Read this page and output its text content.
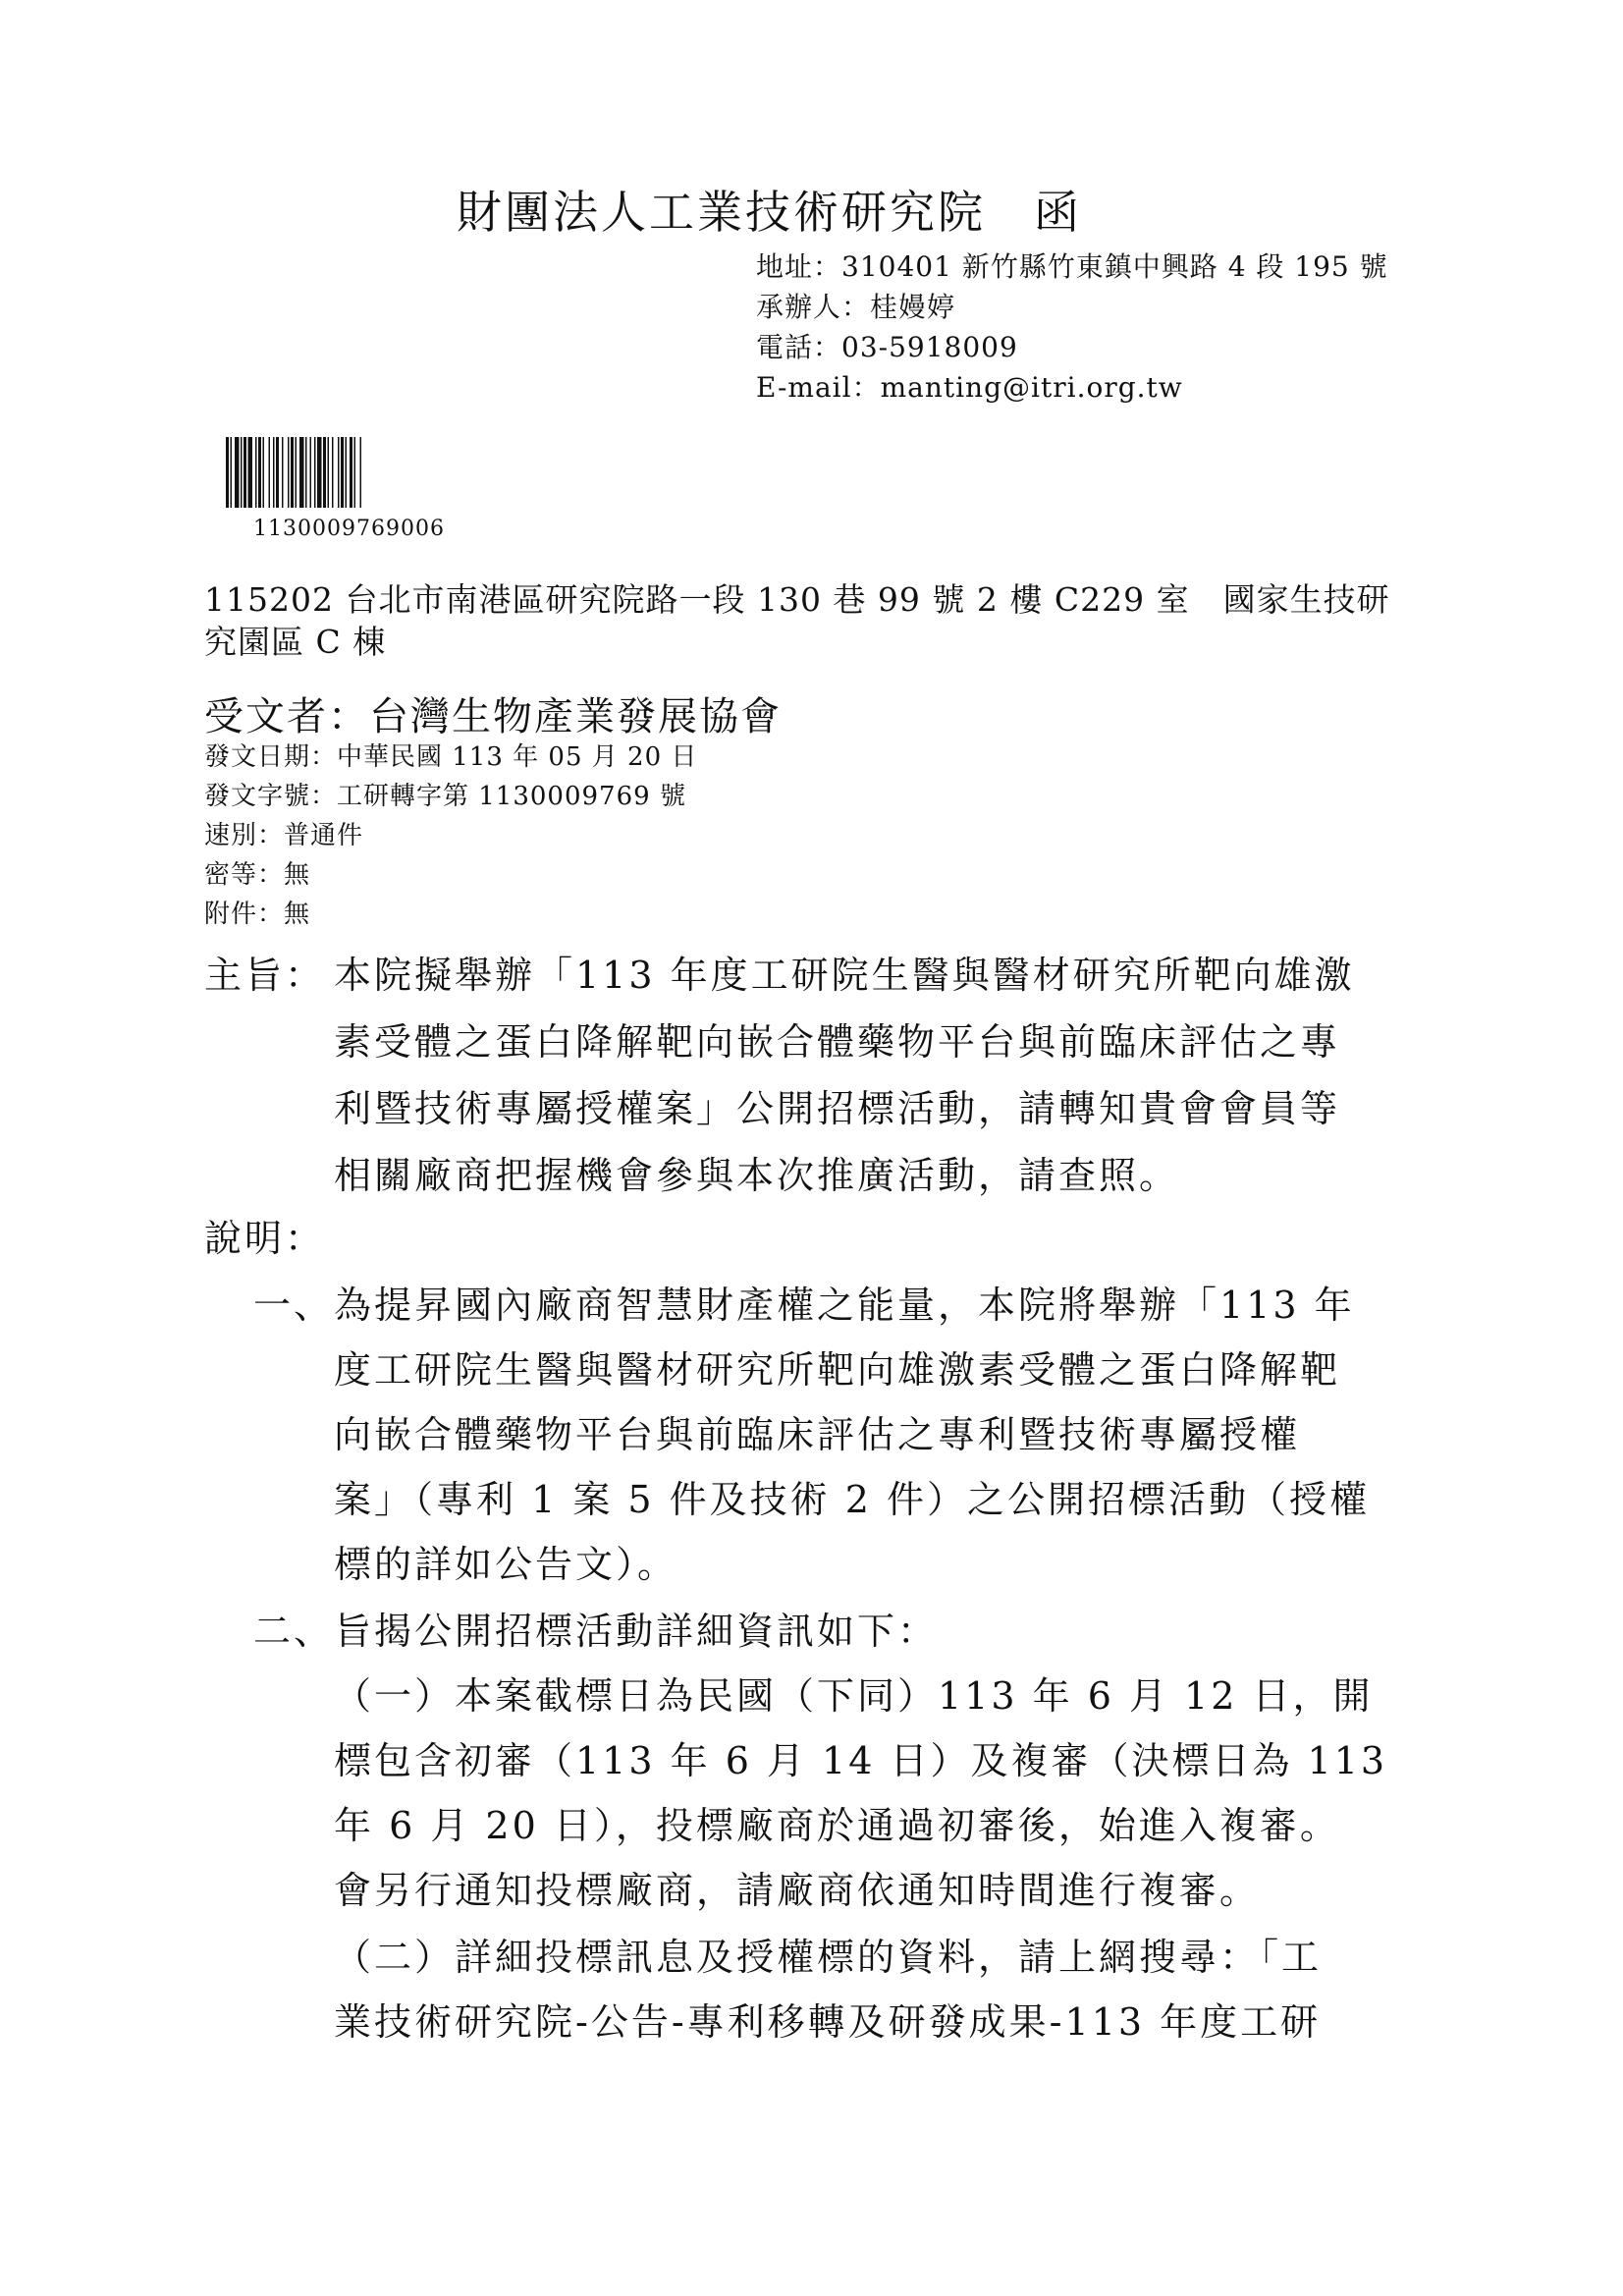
財團法人工業技術研究院　函
地址：310401 新竹縣竹東鎮中興路 4 段 195 號
承辦人：桂嫚婷
電話：03-5918009
E-mail：manting@itri.org.tw
1130009769006
115202 台北市南港區研究院路一段 130 巷 99 號 2 樓 C229 室　國家生技研
究園區 C 棟
受文者：台灣生物產業發展協會
發文日期：中華民國 113 年 05 月 20 日
發文字號：工研轉字第 1130009769 號
速別：普通件
密等：無
附件：無
主旨： 本院擬舉辦「113 年度工研院生醫與醫材研究所靶向雄激
素受體之蛋白降解靶向嵌合體藥物平台與前臨床評估之專
利暨技術專屬授權案」公開招標活動，請轉知貴會會員等
相關廠商把握機會參與本次推廣活動，請查照。
說明：
一、 為提昇國內廠商智慧財產權之能量，本院將舉辦「113 年
度工研院生醫與醫材研究所靶向雄激素受體之蛋白降解靶
向嵌合體藥物平台與前臨床評估之專利暨技術專屬授權
案」（專利 1 案 5 件及技術 2 件）之公開招標活動（授權
標的詳如公告文）。
二、 旨揭公開招標活動詳細資訊如下：
（一）本案截標日為民國（下同）113 年 6 月 12 日，開
標包含初審（113 年 6 月 14 日）及複審（決標日為 113
年 6 月 20 日），投標廠商於通過初審後，始進入複審。
會另行通知投標廠商，請廠商依通知時間進行複審。
（二）詳細投標訊息及授權標的資料，請上網搜尋：「工
業技術研究院-公告-專利移轉及研發成果-113 年度工研
